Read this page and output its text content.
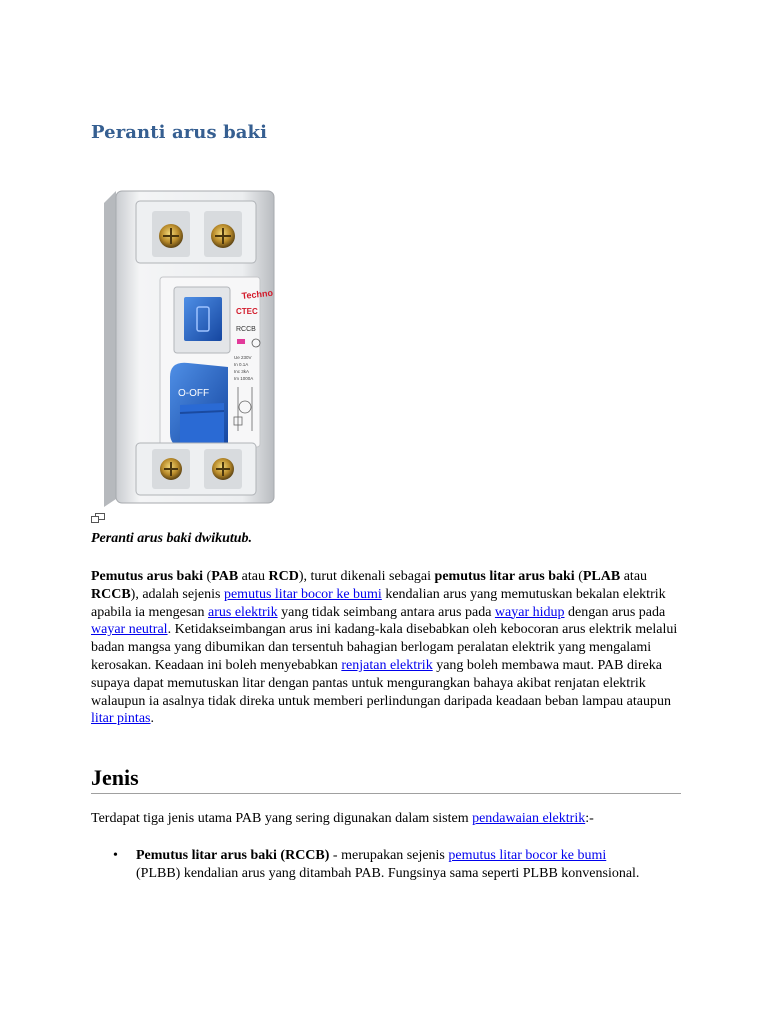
Peranti arus baki
Techno
CTEC
RCCB
Ue 230V
In 0.1A
Inc 3kA
Im 1000A
O-OFF

Peranti arus baki dwikutub.

Pemutus arus baki (PAB atau RCD), turut dikenali sebagai pemutus litar arus baki (PLAB atau RCCB), adalah sejenis pemutus litar bocor ke bumi kendalian arus yang memutuskan bekalan elektrik apabila ia mengesan arus elektrik yang tidak seimbang antara arus pada wayar hidup dengan arus pada wayar neutral. Ketidakseimbangan arus ini kadang-kala disebabkan oleh kebocoran arus elektrik melalui badan mangsa yang dibumikan dan tersentuh bahagian berlogam peralatan elektrik yang mengalami kerosakan. Keadaan ini boleh menyebabkan renjatan elektrik yang boleh membawa maut. PAB direka supaya dapat memutuskan litar dengan pantas untuk mengurangkan bahaya akibat renjatan elektrik walaupun ia asalnya tidak direka untuk memberi perlindungan daripada keadaan beban lampau ataupun litar pintas.

Jenis

Terdapat tiga jenis utama PAB yang sering digunakan dalam sistem pendawaian elektrik:-

• Pemutus litar arus baki (RCCB) - merupakan sejenis pemutus litar bocor ke bumi (PLBB) kendalian arus yang ditambah PAB. Fungsinya sama seperti PLBB konvensional.
